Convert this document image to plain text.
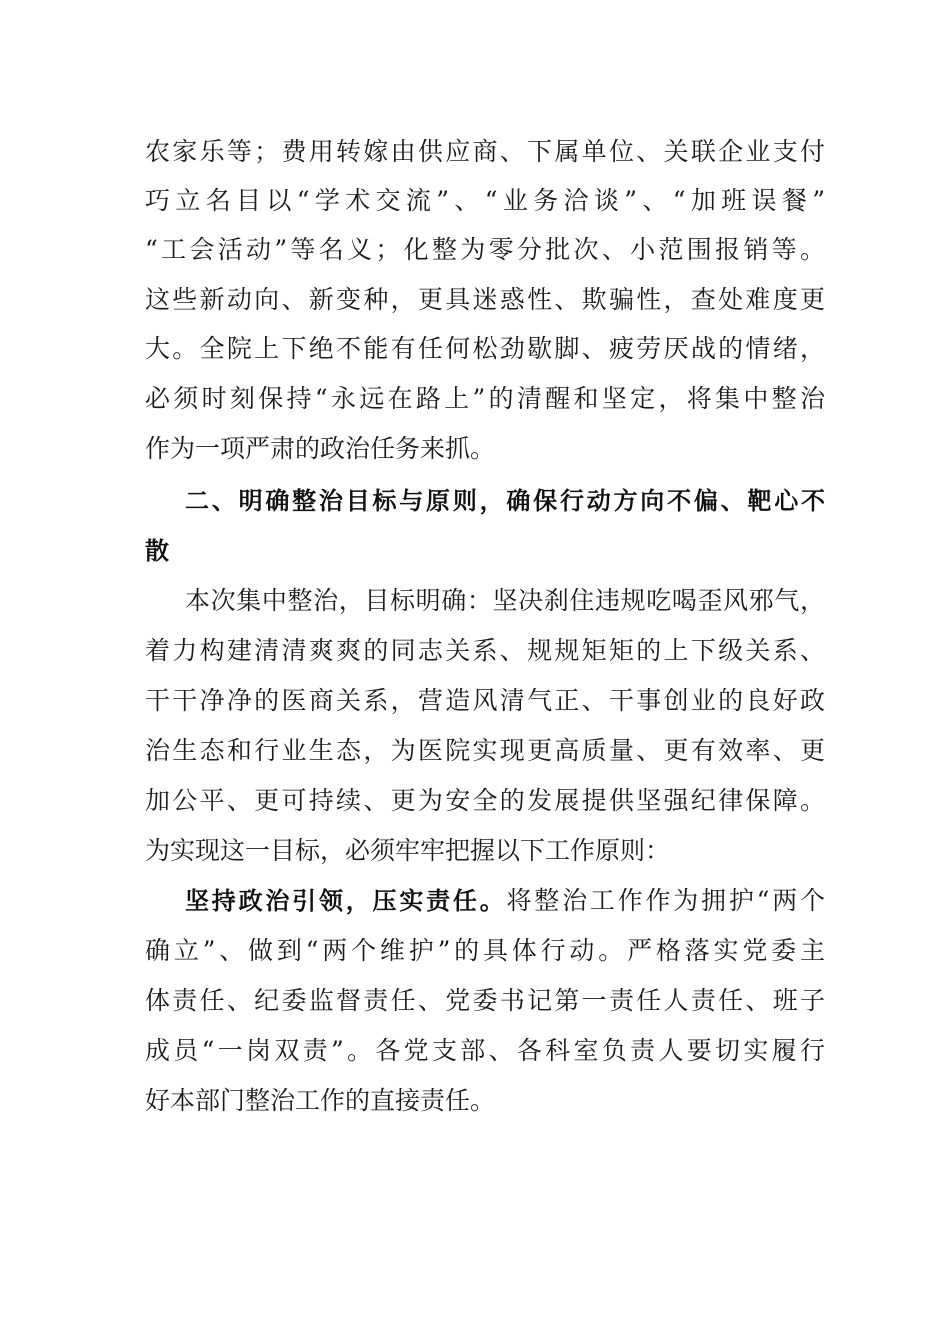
农家乐等；费用转嫁由供应商、下属单位、关联企业支付
巧立名目以“学术交流”、“业务洽谈”、“加班误餐”
“工会活动”等名义；化整为零分批次、小范围报销等。
这些新动向、新变种，更具迷惑性、欺骗性，查处难度更
大。全院上下绝不能有任何松劲歇脚、疲劳厌战的情绪，
必须时刻保持“永远在路上”的清醒和坚定，将集中整治
作为一项严肃的政治任务来抓。
二、明确整治目标与原则，确保行动方向不偏、靶心不
散
本次集中整治，目标明确：坚决刹住违规吃喝歪风邪气，
着力构建清清爽爽的同志关系、规规矩矩的上下级关系、
干干净净的医商关系，营造风清气正、干事创业的良好政
治生态和行业生态，为医院实现更高质量、更有效率、更
加公平、更可持续、更为安全的发展提供坚强纪律保障。
为实现这一目标，必须牢牢把握以下工作原则：
坚持政治引领，压实责任。将整治工作作为拥护“两个
确立”、做到“两个维护”的具体行动。严格落实党委主
体责任、纪委监督责任、党委书记第一责任人责任、班子
成员“一岗双责”。各党支部、各科室负责人要切实履行
好本部门整治工作的直接责任。
